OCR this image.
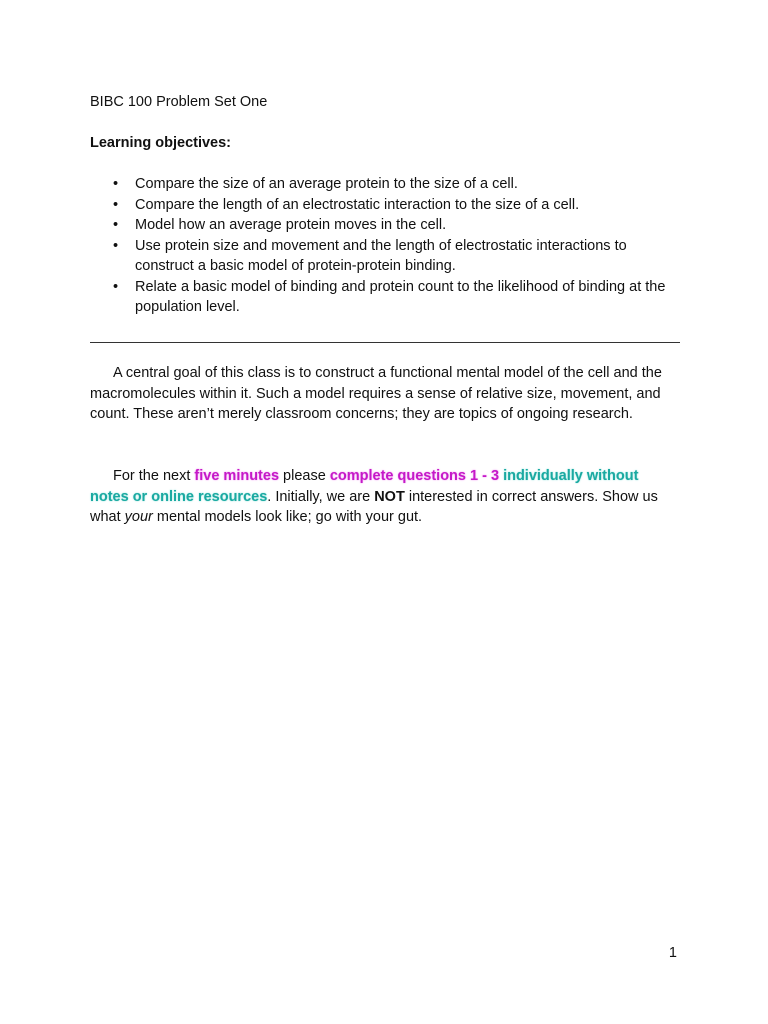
BIBC 100 Problem Set One

Learning objectives:

• Compare the size of an average protein to the size of a cell.
• Compare the length of an electrostatic interaction to the size of a cell.
• Model how an average protein moves in the cell.
• Use protein size and movement and the length of electrostatic interactions to construct a basic model of protein-protein binding.
• Relate a basic model of binding and protein count to the likelihood of binding at the population level.

A central goal of this class is to construct a functional mental model of the cell and the macromolecules within it. Such a model requires a sense of relative size, movement, and count. These aren’t merely classroom concerns; they are topics of ongoing research.

For the next five minutes please complete questions 1 - 3 individually without notes or online resources. Initially, we are NOT interested in correct answers. Show us what your mental models look like; go with your gut.

1
